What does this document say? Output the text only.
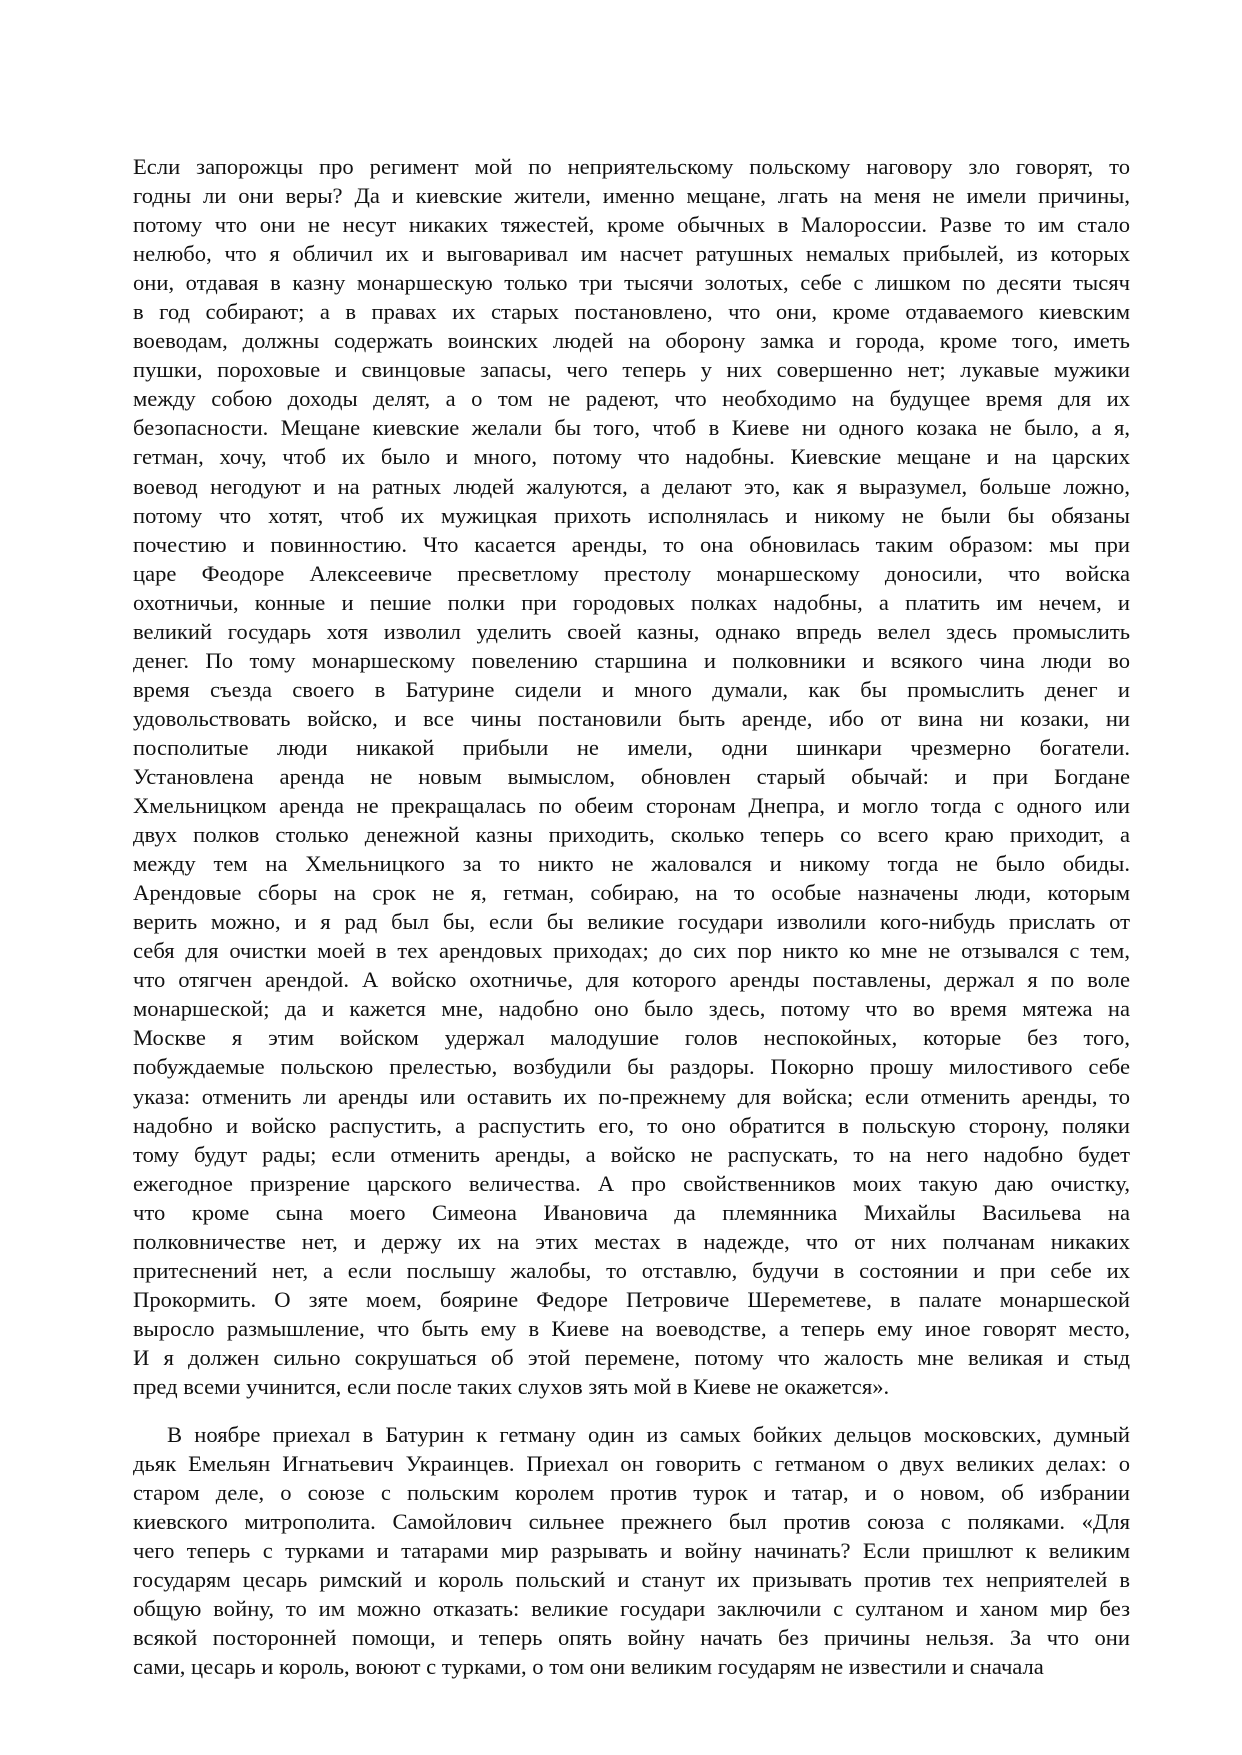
Если запорожцы про регимент мой по неприятельскому польскому наговору зло говорят, то
годны ли они веры? Да и киевские жители, именно мещане, лгать на меня не имели причины,
потому что они не несут никаких тяжестей, кроме обычных в Малороссии. Разве то им стало
нелюбо, что я обличил их и выговаривал им насчет ратушных немалых прибылей, из которых
они, отдавая в казну монаршескую только три тысячи золотых, себе с лишком по десяти тысяч
в год собирают; а в правах их старых постановлено, что они, кроме отдаваемого киевским
воеводам, должны содержать воинских людей на оборону замка и города, кроме того, иметь
пушки, пороховые и свинцовые запасы, чего теперь у них совершенно нет; лукавые мужики
между собою доходы делят, а о том не радеют, что необходимо на будущее время для их
безопасности. Мещане киевские желали бы того, чтоб в Киеве ни одного козака не было, а я,
гетман, хочу, чтоб их было и много, потому что надобны. Киевские мещане и на царских
воевод негодуют и на ратных людей жалуются, а делают это, как я выразумел, больше ложно,
потому что хотят, чтоб их мужицкая прихоть исполнялась и никому не были бы обязаны
почестию и повинностию. Что касается аренды, то она обновилась таким образом: мы при
царе Феодоре Алексеевиче пресветлому престолу монаршескому доносили, что войска
охотничьи, конные и пешие полки при городовых полках надобны, а платить им нечем, и
великий государь хотя изволил уделить своей казны, однако впредь велел здесь промыслить
денег. По тому монаршескому повелению старшина и полковники и всякого чина люди во
время съезда своего в Батурине сидели и много думали, как бы промыслить денег и
удовольствовать войско, и все чины постановили быть аренде, ибо от вина ни козаки, ни
посполитые люди никакой прибыли не имели, одни шинкари чрезмерно богатели.
Установлена аренда не новым вымыслом, обновлен старый обычай: и при Богдане
Хмельницком аренда не прекращалась по обеим сторонам Днепра, и могло тогда с одного или
двух полков столько денежной казны приходить, сколько теперь со всего краю приходит, а
между тем на Хмельницкого за то никто не жаловался и никому тогда не было обиды.
Арендовые сборы на срок не я, гетман, собираю, на то особые назначены люди, которым
верить можно, и я рад был бы, если бы великие государи изволили кого-нибудь прислать от
себя для очистки моей в тех арендовых приходах; до сих пор никто ко мне не отзывался с тем,
что отягчен арендой. А войско охотничье, для которого аренды поставлены, держал я по воле
монаршеской; да и кажется мне, надобно оно было здесь, потому что во время мятежа на
Москве я этим войском удержал малодушие голов неспокойных, которые без того,
побуждаемые польскою прелестью, возбудили бы раздоры. Покорно прошу милостивого себе
указа: отменить ли аренды или оставить их по-прежнему для войска; если отменить аренды, то
надобно и войско распустить, а распустить его, то оно обратится в польскую сторону, поляки
тому будут рады; если отменить аренды, а войско не распускать, то на него надобно будет
ежегодное призрение царского величества. А про свойственников моих такую даю очистку,
что кроме сына моего Симеона Ивановича да племянника Михайлы Васильева на
полковничестве нет, и держу их на этих местах в надежде, что от них полчанам никаких
притеснений нет, а если послышу жалобы, то отставлю, будучи в состоянии и при себе их
Прокормить. О зяте моем, боярине Федоре Петровиче Шереметеве, в палате монаршеской
выросло размышление, что быть ему в Киеве на воеводстве, а теперь ему иное говорят место,
И я должен сильно сокрушаться об этой перемене, потому что жалость мне великая и стыд
пред всеми учинится, если после таких слухов зять мой в Киеве не окажется».
В ноябре приехал в Батурин к гетману один из самых бойких дельцов московских, думный
дьяк Емельян Игнатьевич Украинцев. Приехал он говорить с гетманом о двух великих делах: о
старом деле, о союзе с польским королем против турок и татар, и о новом, об избрании
киевского митрополита. Самойлович сильнее прежнего был против союза с поляками. «Для
чего теперь с турками и татарами мир разрывать и войну начинать? Если пришлют к великим
государям цесарь римский и король польский и станут их призывать против тех неприятелей в
общую войну, то им можно отказать: великие государи заключили с султаном и ханом мир без
всякой посторонней помощи, и теперь опять войну начать без причины нельзя. За что они
сами, цесарь и король, воюют с турками, о том они великим государям не известили и сначала
